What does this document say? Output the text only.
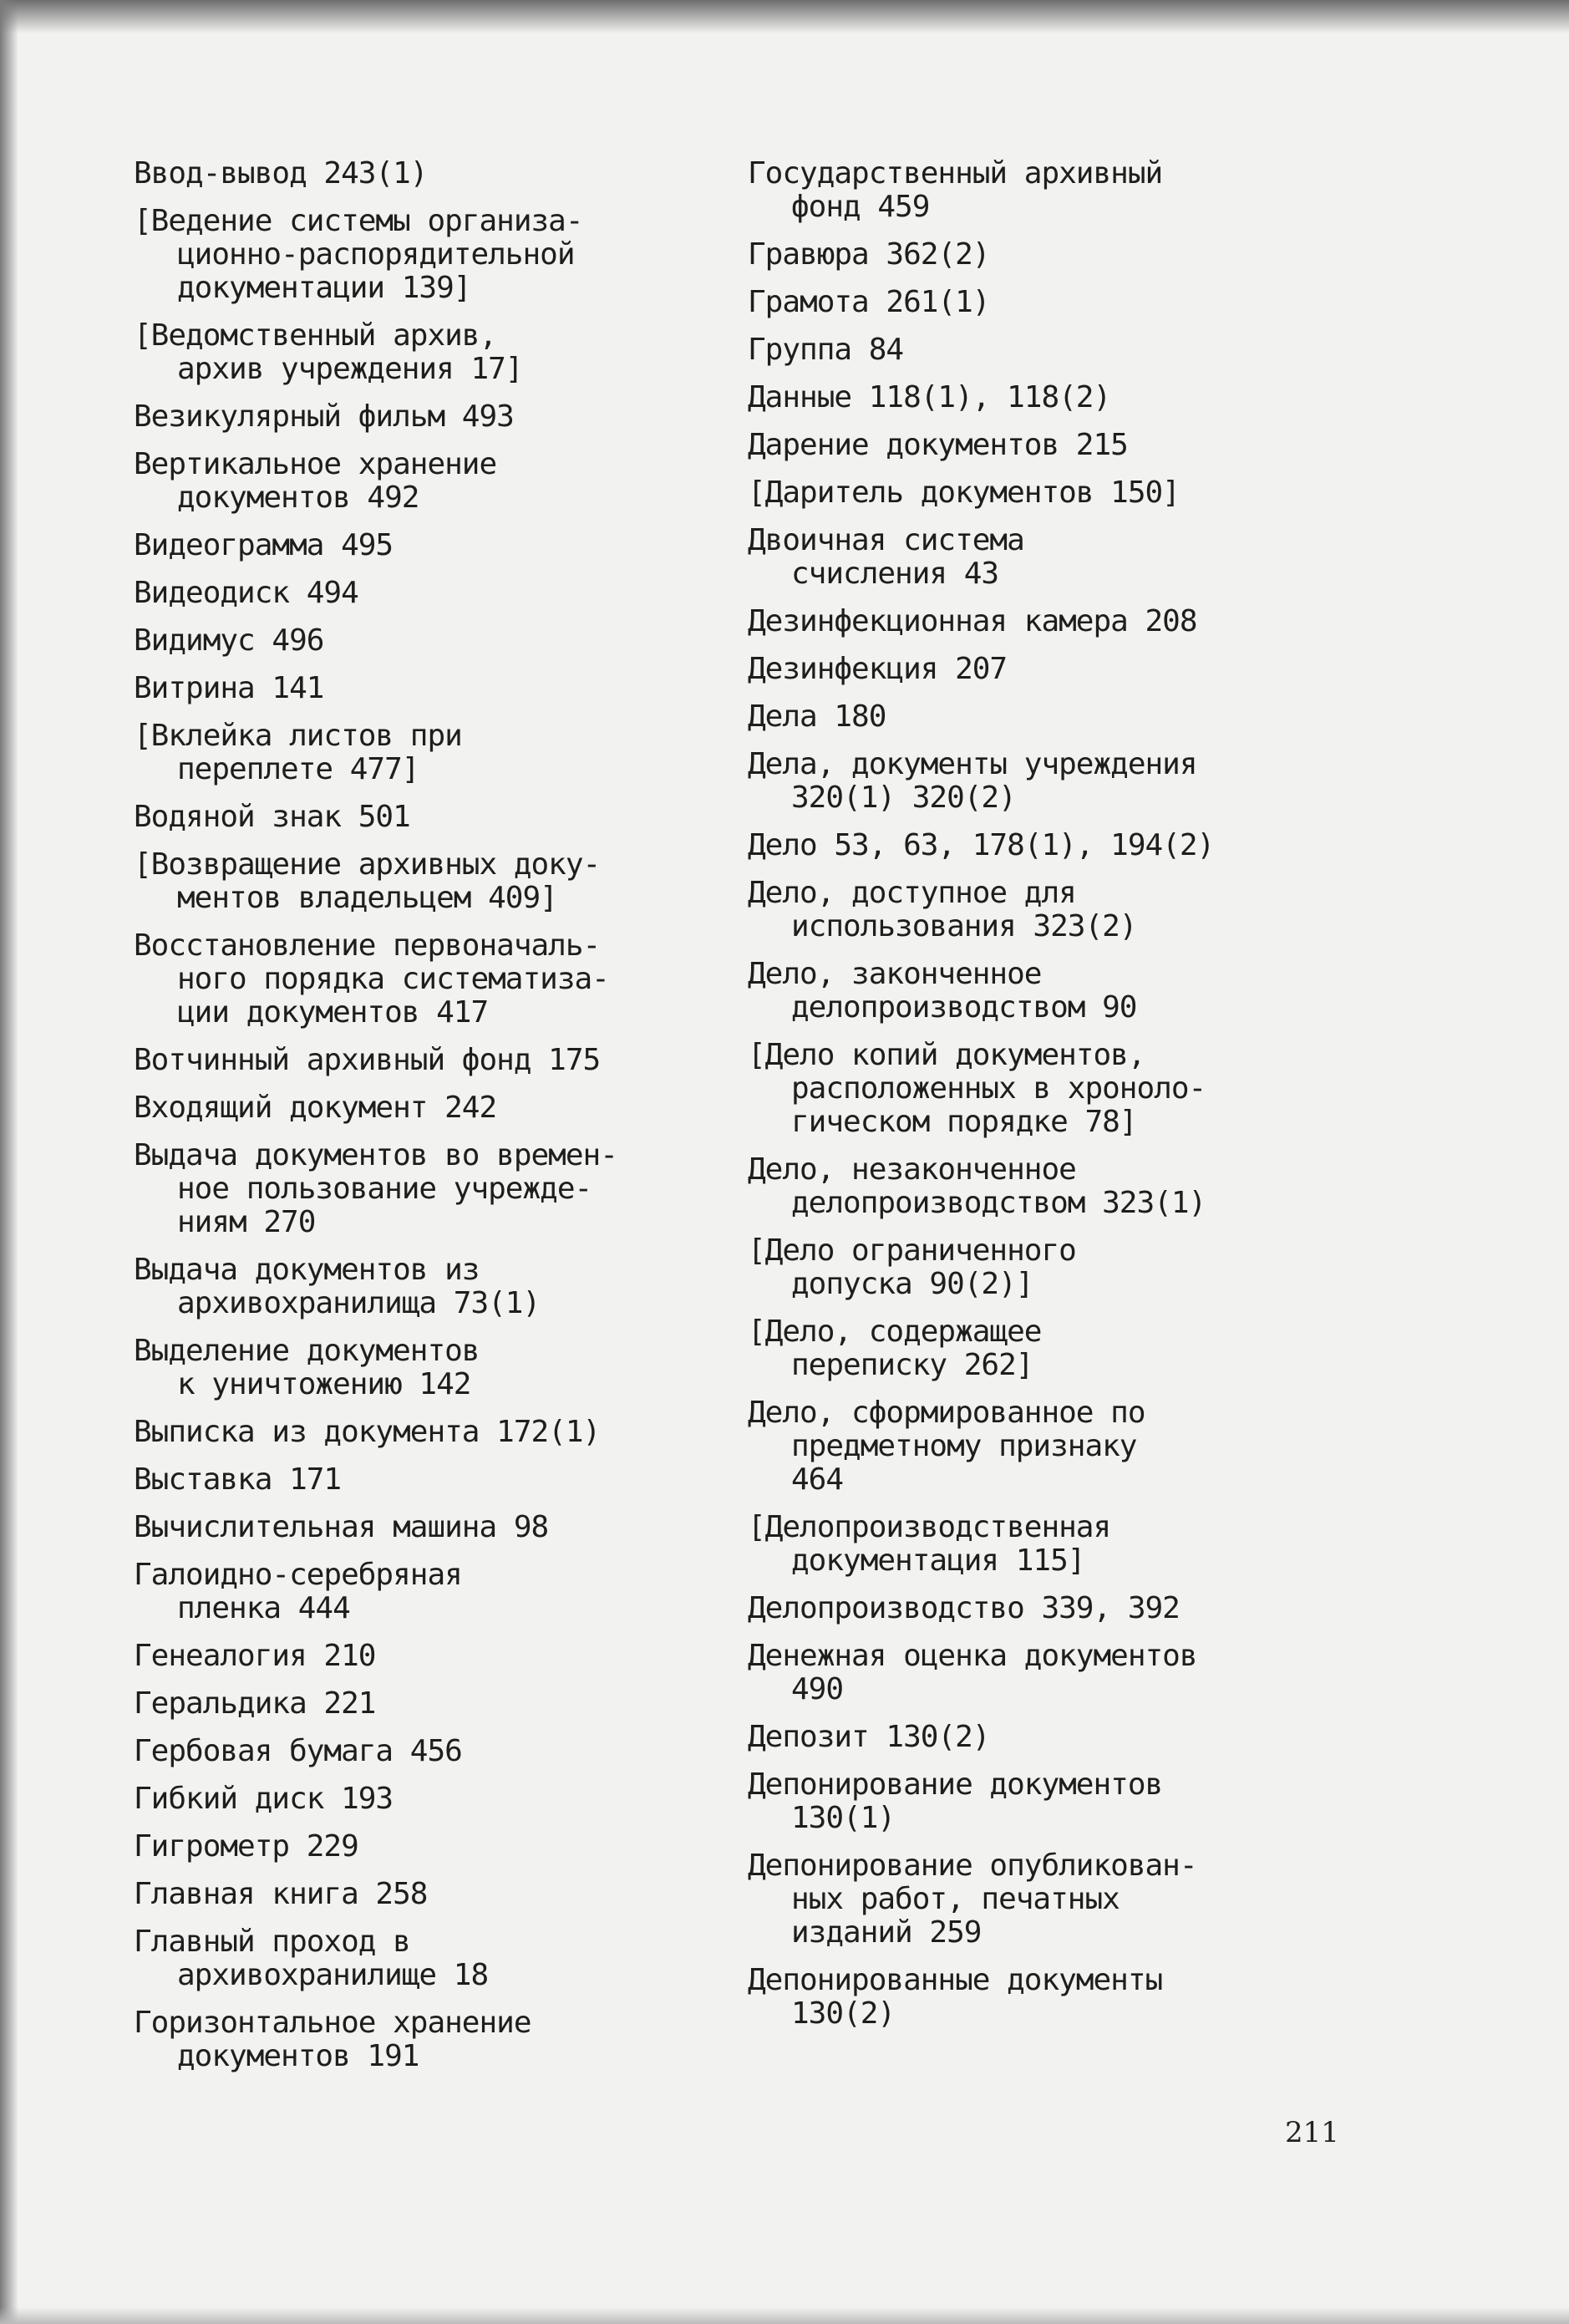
Ввод-вывод 243(1)
[Ведение системы организа-
ционно-распорядительной
документации 139]
[Ведомственный архив,
архив учреждения 17]
Везикулярный фильм 493
Вертикальное хранение
документов 492
Видеограмма 495
Видеодиск 494
Видимус 496
Витрина 141
[Вклейка листов при
переплете 477]
Водяной знак 501
[Возвращение архивных доку-
ментов владельцем 409]
Восстановление первоначаль-
ного порядка систематиза-
ции документов 417
Вотчинный архивный фонд 175
Входящий документ 242
Выдача документов во времен-
ное пользование учрежде-
ниям 270
Выдача документов из
архивохранилища 73(1)
Выделение документов
к уничтожению 142
Выписка из документа 172(1)
Выставка 171
Вычислительная машина 98
Галоидно-серебряная
пленка 444
Генеалогия 210
Геральдика 221
Гербовая бумага 456
Гибкий диск 193
Гигрометр 229
Главная книга 258
Главный проход в
архивохранилище 18
Горизонтальное хранение
документов 191
Государственный архивный
фонд 459
Гравюра 362(2)
Грамота 261(1)
Группа 84
Данные 118(1), 118(2)
Дарение документов 215
[Даритель документов 150]
Двоичная система
счисления 43
Дезинфекционная камера 208
Дезинфекция 207
Дела 180
Дела, документы учреждения
320(1) 320(2)
Дело 53, 63, 178(1), 194(2)
Дело, доступное для
использования 323(2)
Дело, законченное
делопроизводством 90
[Дело копий документов,
расположенных в хроноло-
гическом порядке 78]
Дело, незаконченное
делопроизводством 323(1)
[Дело ограниченного
допуска 90(2)]
[Дело, содержащее
переписку 262]
Дело, сформированное по
предметному признаку
464
[Делопроизводственная
документация 115]
Делопроизводство 339, 392
Денежная оценка документов
490
Депозит 130(2)
Депонирование документов
130(1)
Депонирование опубликован-
ных работ, печатных
изданий 259
Депонированные документы
130(2)
211
